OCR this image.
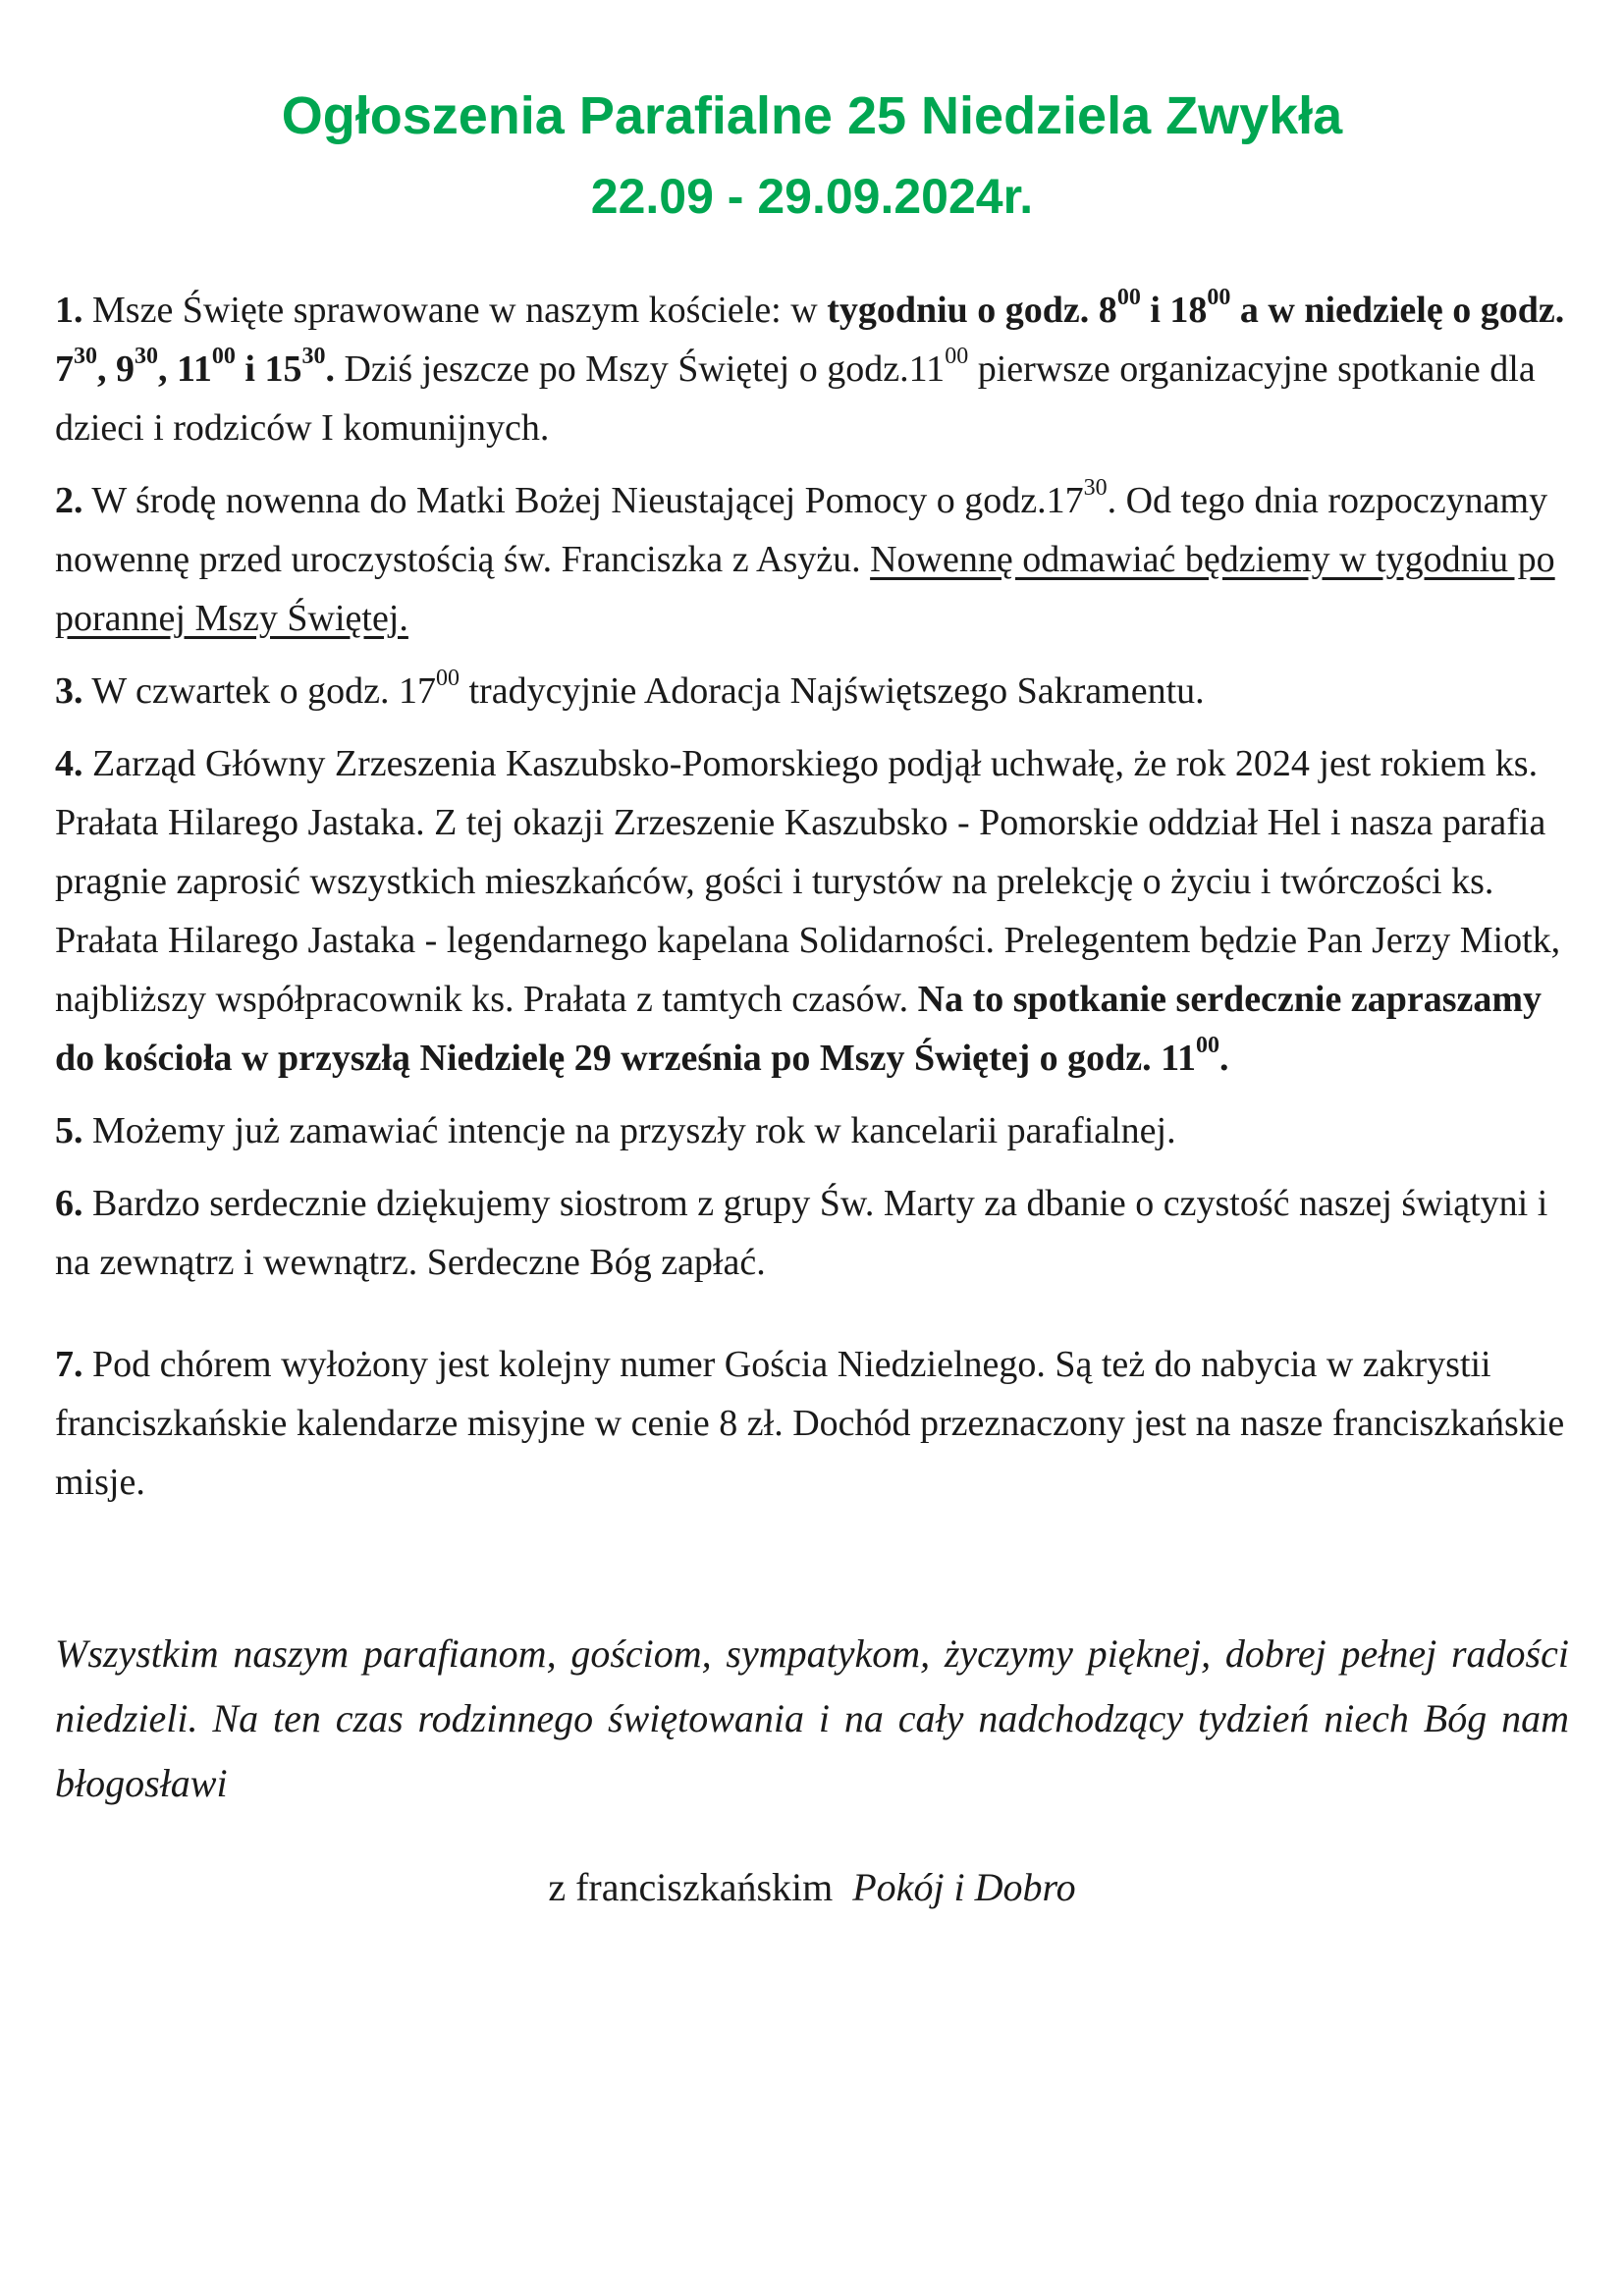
Ogłoszenia Parafialne 25 Niedziela Zwykła
22.09 - 29.09.2024r.

1. Msze Święte sprawowane w naszym kościele: w tygodniu o godz. $8^{00}$ i $18^{00}$ a w niedzielę o godz. $7^{30}$, $9^{30}$, $11^{00}$ i $15^{30}$. Dziś jeszcze po Mszy Świętej o $godz.11^{00}$ pierwsze organizacyjne spotkanie dla dzieci i rodziców I komunijnych.

2. W środę nowenna do Matki Bożej Nieustającej Pomocy o $godz.17^{30}$. Od tego dnia rozpoczynamy nowennę przed uroczystością św. Franciszka z Asyżu. Nowennę odmawiać będziemy w tygodniu po porannej Mszy Świętej.

3. W czwartek o godz. $17^{00}$ tradycyjnie Adoracja Najświętszego Sakramentu.

4. Zarząd Główny Zrzeszenia Kaszubsko-Pomorskiego podjął uchwałę, że rok 2024 jest rokiem ks. Prałata Hilarego Jastaka. Z tej okazji Zrzeszenie Kaszubsko - Pomorskie oddział Hel i nasza parafia pragnie zaprosić wszystkich mieszkańców, gości i turystów na prelekcję o życiu i twórczości ks. Prałata Hilarego Jastaka - legendarnego kapelana Solidarności. Prelegentem będzie Pan Jerzy Miotk, najbliższy współpracownik ks. Prałata z tamtych czasów. Na to spotkanie serdecznie zapraszamy do kościoła w przyszłą Niedzielę 29 września po Mszy Świętej o godz. $11^{00}$.

5. Możemy już zamawiać intencje na przyszły rok w kancelarii parafialnej.

6. Bardzo serdecznie dziękujemy siostrom z grupy Św. Marty za dbanie o czystość naszej świątyni i na zewnątrz i wewnątrz. Serdeczne Bóg zapłać.

7. Pod chórem wyłożony jest kolejny numer Gościa Niedzielnego. Są też do nabycia w zakrystii franciszkańskie kalendarze misyjne w cenie 8 zł. Dochód przeznaczony jest na nasze franciszkańskie misje.

Wszystkim naszym parafianom, gościom, sympatykom, życzymy pięknej, dobrej pełnej radości niedzieli. Na ten czas rodzinnego świętowania i na cały nadchodzący tydzień niech Bóg nam błogosławi

z franciszkańskim Pokój i Dobro
